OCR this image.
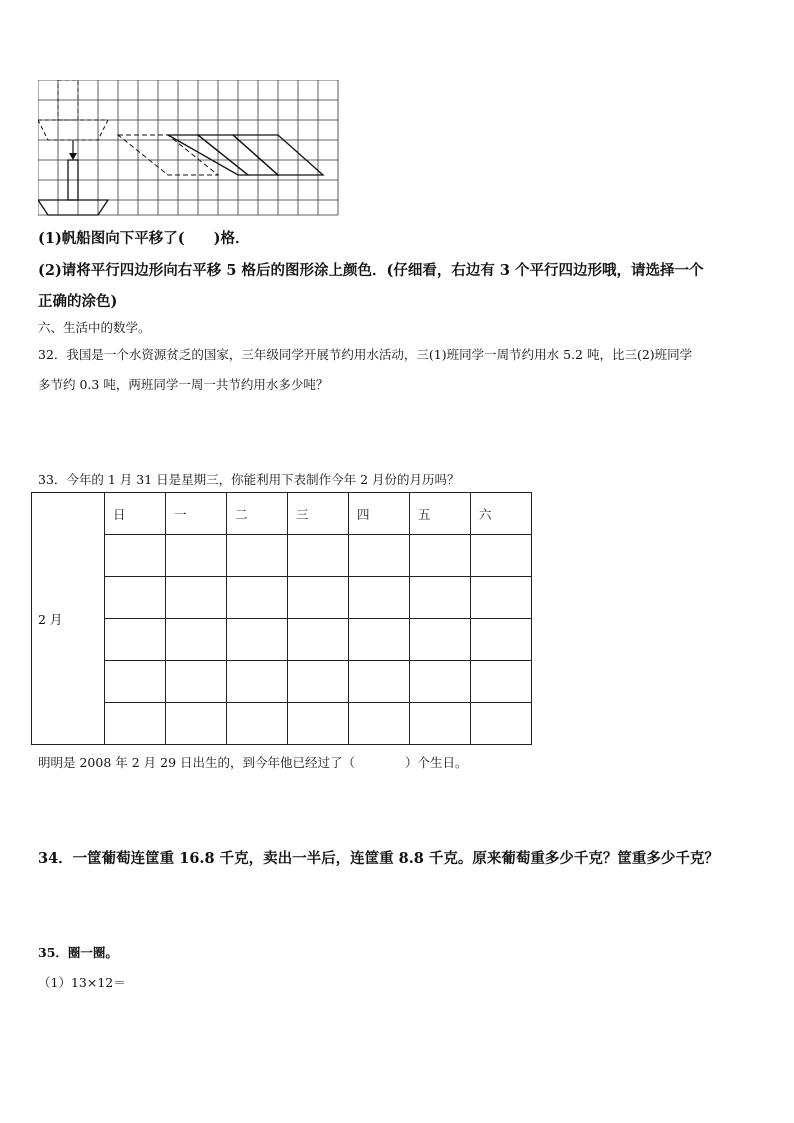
(1)帆船图向下平移了(　　)格．
(2)请将平行四边形向右平移 5 格后的图形涂上颜色．(仔细看，右边有 3 个平行四边形哦，请选择一个
正确的涂色)
六、生活中的数学。
32．我国是一个水资源贫乏的国家，三年级同学开展节约用水活动，三(1)班同学一周节约用水 5.2 吨，比三(2)班同学
多节约 0.3 吨，两班同学一周一共节约用水多少吨？
33．今年的 1 月 31 日是星期三，你能利用下表制作今年 2 月份的月历吗？
2 月	日	一	二	三	四	五	六

明明是 2008 年 2 月 29 日出生的，到今年他已经过了（　　　　）个生日。
34．一筐葡萄连筐重 16.8 千克，卖出一半后，连筐重 8.8 千克。原来葡萄重多少千克？筐重多少千克？
35．圈一圈。
（1）13×12＝
